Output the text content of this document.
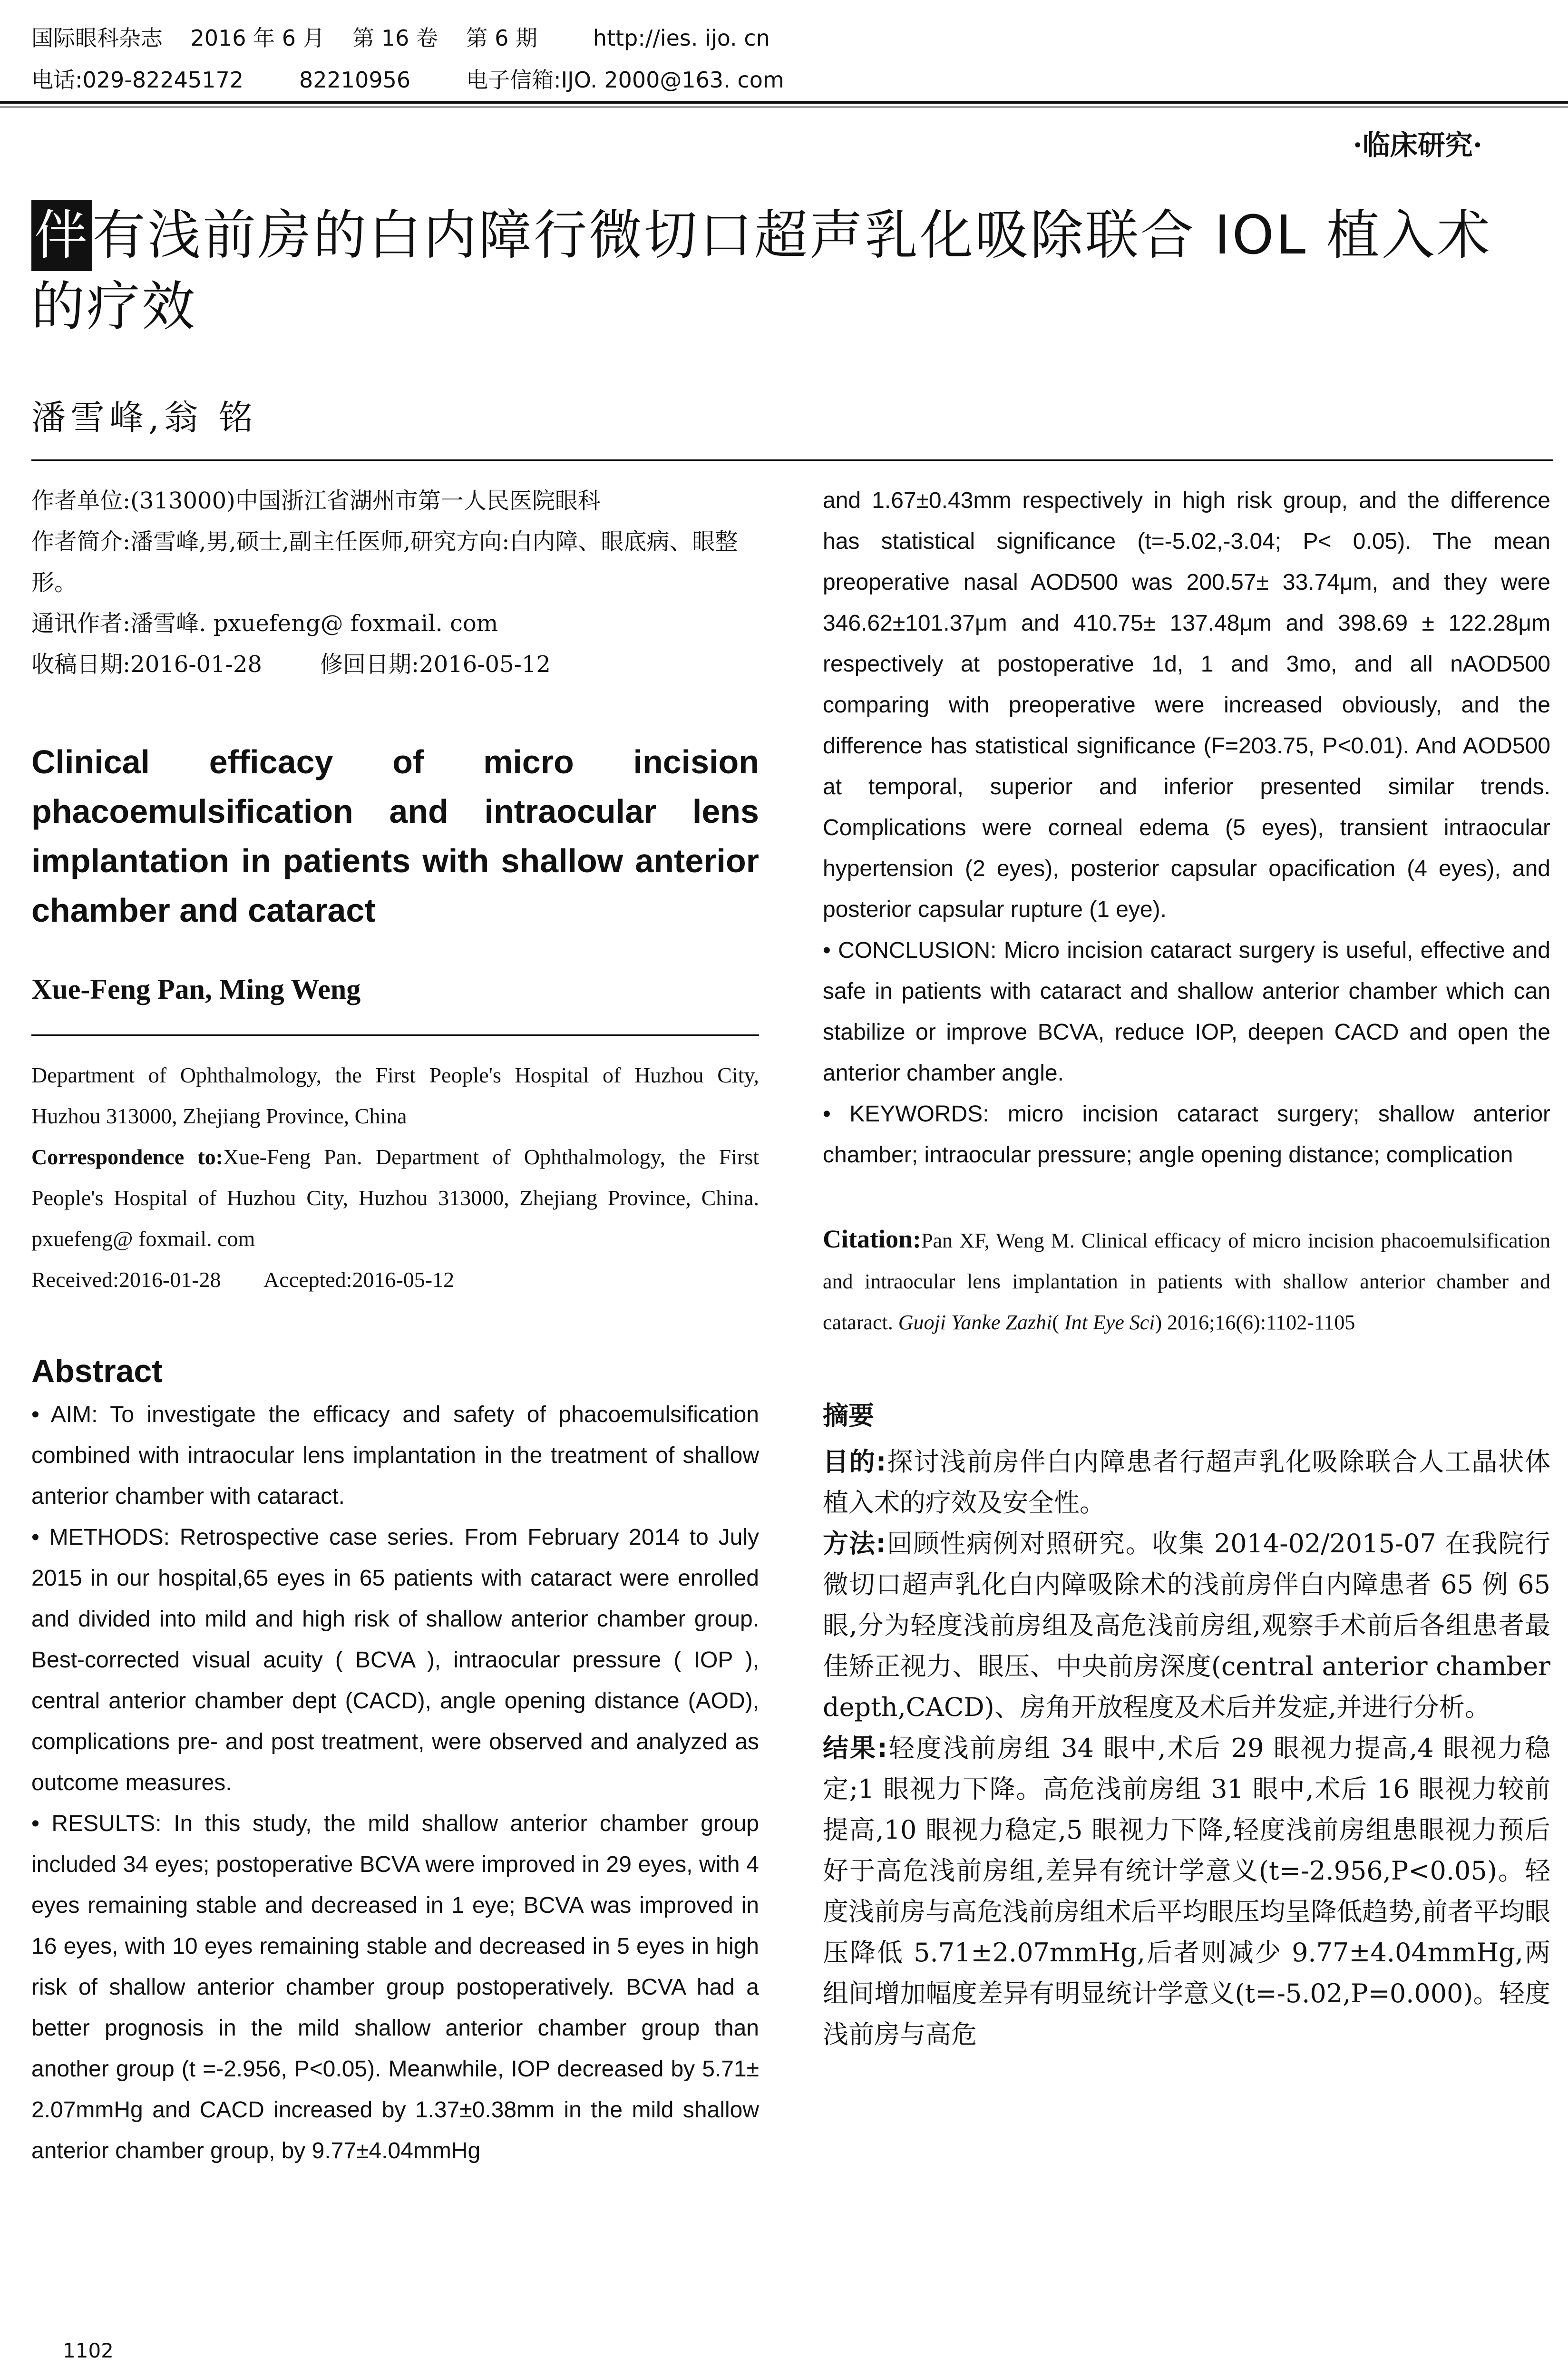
国际眼科杂志    2016 年 6 月    第 16 卷    第 6 期        http://ies. ijo. cn
电话:029-82245172        82210956        电子信箱:IJO. 2000@163. com
·临床研究·
伴有浅前房的白内障行微切口超声乳化吸除联合 IOL 植入术的疗效
潘雪峰,翁 铭

作者单位:(313000)中国浙江省湖州市第一人民医院眼科

作者简介:潘雪峰,男,硕士,副主任医师,研究方向:白内障、眼底病、眼整形。

通讯作者:潘雪峰. pxuefeng@ foxmail. com

收稿日期:2016-01-28        修回日期:2016-05-12

Clinical efficacy of micro incision phacoemulsification and intraocular lens implantation in patients with shallow anterior chamber and cataract
Xue-Feng Pan, Ming Weng

Department of Ophthalmology, the First People's Hospital of Huzhou City, Huzhou 313000, Zhejiang Province, China

Correspondence to:Xue-Feng Pan. Department of Ophthalmology, the First People's Hospital of Huzhou City, Huzhou 313000, Zhejiang Province, China. pxuefeng@ foxmail. com

Received:2016-01-28        Accepted:2016-05-12
Abstract

• AIM: To investigate the efficacy and safety of phacoemulsification combined with intraocular lens implantation in the treatment of shallow anterior chamber with cataract.

• METHODS: Retrospective case series. From February 2014 to July 2015 in our hospital,65 eyes in 65 patients with cataract were enrolled and divided into mild and high risk of shallow anterior chamber group. Best-corrected visual acuity ( BCVA ), intraocular pressure ( IOP ), central anterior chamber dept (CACD), angle opening distance (AOD), complications pre- and post treatment, were observed and analyzed as outcome measures.

• RESULTS: In this study, the mild shallow anterior chamber group included 34 eyes; postoperative BCVA were improved in 29 eyes, with 4 eyes remaining stable and decreased in 1 eye; BCVA was improved in 16 eyes, with 10 eyes remaining stable and decreased in 5 eyes in high risk of shallow anterior chamber group postoperatively. BCVA had a better prognosis in the mild shallow anterior chamber group than another group (t =-2.956, P<0.05). Meanwhile, IOP decreased by 5.71± 2.07mmHg and CACD increased by 1.37±0.38mm in the mild shallow anterior chamber group, by 9.77±4.04mmHg

and 1.67±0.43mm respectively in high risk group, and the difference has statistical significance (t=-5.02,-3.04; P< 0.05). The mean preoperative nasal AOD500 was 200.57± 33.74μm, and they were 346.62±101.37μm and 410.75± 137.48μm and 398.69 ± 122.28μm respectively at postoperative 1d, 1 and 3mo, and all nAOD500 comparing with preoperative were increased obviously, and the difference has statistical significance (F=203.75, P<0.01). And AOD500 at temporal, superior and inferior presented similar trends. Complications were corneal edema (5 eyes), transient intraocular hypertension (2 eyes), posterior capsular opacification (4 eyes), and posterior capsular rupture (1 eye).

• CONCLUSION: Micro incision cataract surgery is useful, effective and safe in patients with cataract and shallow anterior chamber which can stabilize or improve BCVA, reduce IOP, deepen CACD and open the anterior chamber angle.

• KEYWORDS: micro incision cataract surgery; shallow anterior chamber; intraocular pressure; angle opening distance; complication

Citation:Pan XF, Weng M. Clinical efficacy of micro incision phacoemulsification and intraocular lens implantation in patients with shallow anterior chamber and cataract. Guoji Yanke Zazhi( Int Eye Sci) 2016;16(6):1102-1105
摘要

目的:探讨浅前房伴白内障患者行超声乳化吸除联合人工晶状体植入术的疗效及安全性。

方法:回顾性病例对照研究。收集 2014-02/2015-07 在我院行微切口超声乳化白内障吸除术的浅前房伴白内障患者 65 例 65 眼,分为轻度浅前房组及高危浅前房组,观察手术前后各组患者最佳矫正视力、眼压、中央前房深度(central anterior chamber depth,CACD)、房角开放程度及术后并发症,并进行分析。

结果:轻度浅前房组 34 眼中,术后 29 眼视力提高,4 眼视力稳定;1 眼视力下降。高危浅前房组 31 眼中,术后 16 眼视力较前提高,10 眼视力稳定,5 眼视力下降,轻度浅前房组患眼视力预后好于高危浅前房组,差异有统计学意义(t=-2.956,P<0.05)。轻度浅前房与高危浅前房组术后平均眼压均呈降低趋势,前者平均眼压降低 5.71±2.07mmHg,后者则减少 9.77±4.04mmHg,两组间增加幅度差异有明显统计学意义(t=-5.02,P=0.000)。轻度浅前房与高危

1102
